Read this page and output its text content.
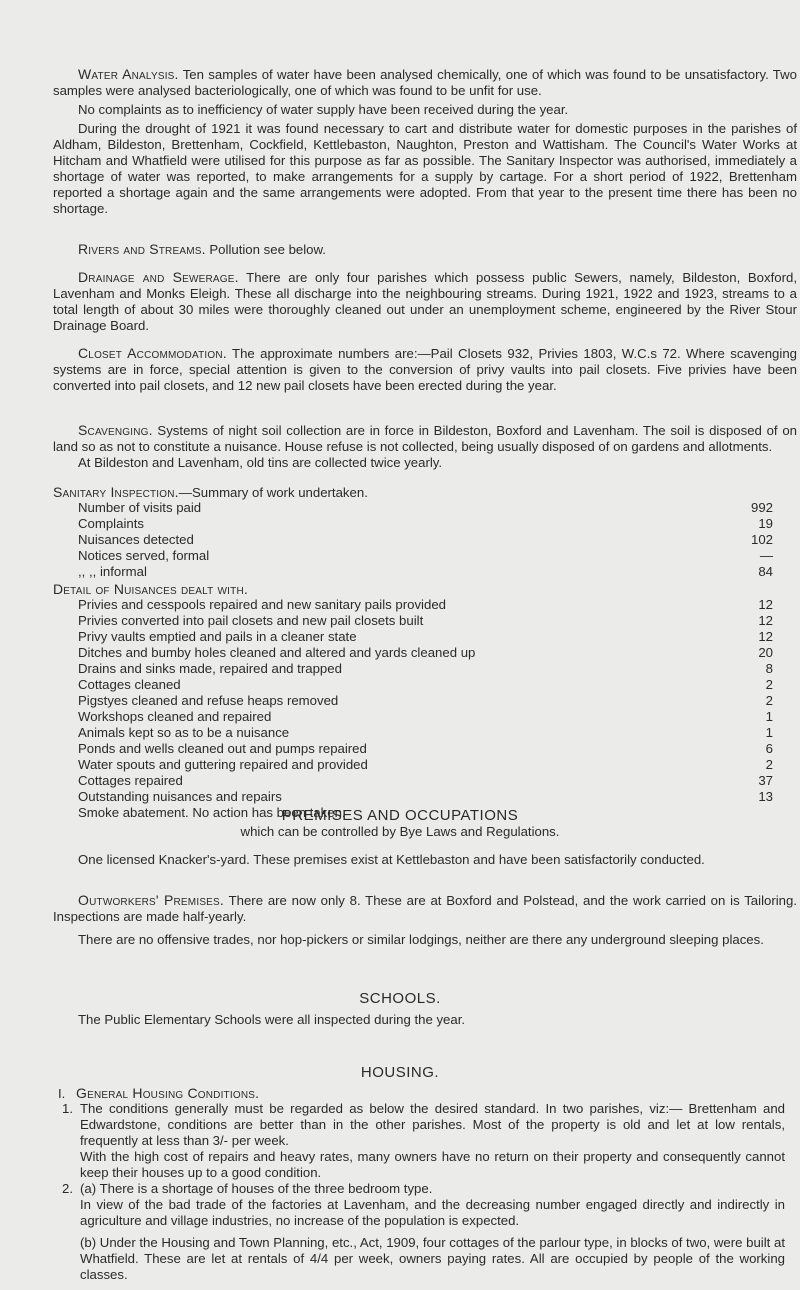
Water Analysis. Ten samples of water have been analysed chemically, one of which was found to be unsatisfactory. Two samples were analysed bacteriologically, one of which was found to be unfit for use.

No complaints as to inefficiency of water supply have been received during the year.

During the drought of 1921 it was found necessary to cart and distribute water for domestic purposes in the parishes of Aldham, Bildeston, Brettenham, Cockfield, Kettlebaston, Naughton, Preston and Wattisham. The Council's Water Works at Hitcham and Whatfield were utilised for this purpose as far as possible. The Sanitary Inspector was authorised, immediately a shortage of water was reported, to make arrangements for a supply by cartage. For a short period of 1922, Brettenham reported a shortage again and the same arrangements were adopted. From that year to the present time there has been no shortage.

Rivers and Streams. Pollution see below.

Drainage and Sewerage. There are only four parishes which possess public Sewers, namely, Bildeston, Boxford, Lavenham and Monks Eleigh. These all discharge into the neighbouring streams. During 1921, 1922 and 1923, streams to a total length of about 30 miles were thoroughly cleaned out under an unemployment scheme, engineered by the River Stour Drainage Board.

Closet Accommodation. The approximate numbers are:—Pail Closets 932, Privies 1803, W.C.s 72. Where scavenging systems are in force, special attention is given to the conversion of privy vaults into pail closets. Five privies have been converted into pail closets, and 12 new pail closets have been erected during the year.

Scavenging. Systems of night soil collection are in force in Bildeston, Boxford and Lavenham. The soil is disposed of on land so as not to constitute a nuisance. House refuse is not collected, being usually disposed of on gardens and allotments.

At Bildeston and Lavenham, old tins are collected twice yearly.

Sanitary Inspection.—Summary of work undertaken.
Number of visits paid	992
Complaints	19
Nuisances detected	102
Notices served, formal	—
,, ,, informal	84
Detail of Nuisances dealt with.
Privies and cesspools repaired and new sanitary pails provided	12
Privies converted into pail closets and new pail closets built	12
Privy vaults emptied and pails in a cleaner state	12
Ditches and bumby holes cleaned and altered and yards cleaned up	20
Drains and sinks made, repaired and trapped	8
Cottages cleaned	2
Pigstyes cleaned and refuse heaps removed	2
Workshops cleaned and repaired	1
Animals kept so as to be a nuisance	1
Ponds and wells cleaned out and pumps repaired	6
Water spouts and guttering repaired and provided	2
Cottages repaired	37
Outstanding nuisances and repairs	13
Smoke abatement. No action has been taken.
PREMISES AND OCCUPATIONS
which can be controlled by Bye Laws and Regulations.

One licensed Knacker's-yard. These premises exist at Kettlebaston and have been satisfactorily conducted.

Outworkers' Premises. There are now only 8. These are at Boxford and Polstead, and the work carried on is Tailoring. Inspections are made half-yearly.

There are no offensive trades, nor hop-pickers or similar lodgings, neither are there any underground sleeping places.

SCHOOLS.

The Public Elementary Schools were all inspected during the year.

HOUSING.

I. General Housing Conditions.

1. The conditions generally must be regarded as below the desired standard. In two parishes, viz:— Brettenham and Edwardstone, conditions are better than in the other parishes. Most of the property is old and let at low rentals, frequently at less than 3/- per week.

With the high cost of repairs and heavy rates, many owners have no return on their property and consequently cannot keep their houses up to a good condition.

2. (a) There is a shortage of houses of the three bedroom type.

In view of the bad trade of the factories at Lavenham, and the decreasing number engaged directly and indirectly in agriculture and village industries, no increase of the population is expected.

(b) Under the Housing and Town Planning, etc., Act, 1909, four cottages of the parlour type, in blocks of two, were built at Whatfield. These are let at rentals of 4/4 per week, owners paying rates. All are occupied by people of the working classes.
